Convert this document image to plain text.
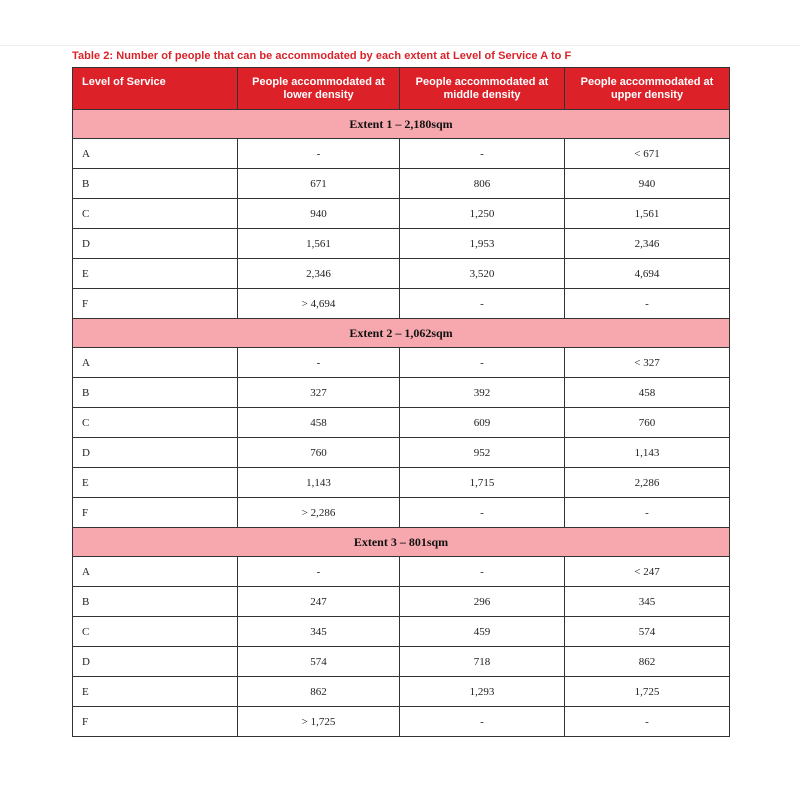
Table 2: Number of people that can be accommodated by each extent at Level of Service A to F
Level of Service	People accommodated at lower density	People accommodated at middle density	People accommodated at upper density
Extent 1 – 2,180sqm			
A	-	-	< 671
B	671	806	940
C	940	1,250	1,561
D	1,561	1,953	2,346
E	2,346	3,520	4,694
F	> 4,694	-	-
Extent 2 – 1,062sqm			
A	-	-	< 327
B	327	392	458
C	458	609	760
D	760	952	1,143
E	1,143	1,715	2,286
F	> 2,286	-	-
Extent 3 – 801sqm			
A	-	-	< 247
B	247	296	345
C	345	459	574
D	574	718	862
E	862	1,293	1,725
F	> 1,725	-	-
